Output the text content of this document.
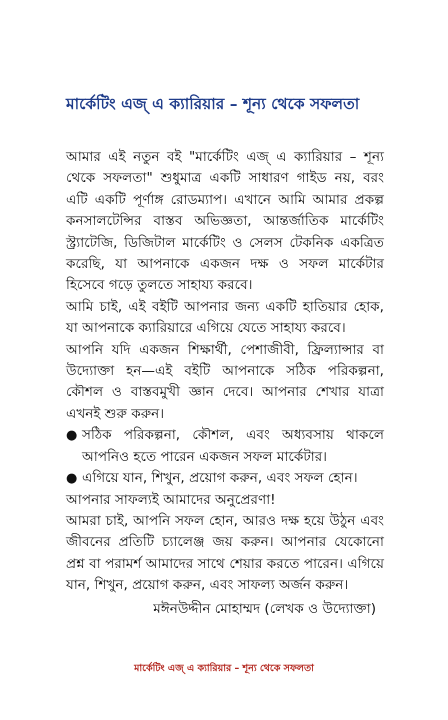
মার্কেটিং এজ্‌ এ ক্যারিয়ার – শূন্য থেকে সফলতা

আমার এই নতুন বই "মার্কেটিং এজ্‌ এ ক্যারিয়ার – শূন্য থেকে সফলতা" শুধুমাত্র একটি সাধারণ গাইড নয়, বরং এটি একটি পূর্ণাঙ্গ রোডম্যাপ। এখানে আমি আমার প্রকল্প কনসালটেন্সির বাস্তব অভিজ্ঞতা, আন্তর্জাতিক মার্কেটিং স্ট্র্যাটেজি, ডিজিটাল মার্কেটিং ও সেলস টেকনিক একত্রিত করেছি, যা আপনাকে একজন দক্ষ ও সফল মার্কেটার হিসেবে গড়ে তুলতে সাহায্য করবে।

আমি চাই, এই বইটি আপনার জন্য একটি হাতিয়ার হোক, যা আপনাকে ক্যারিয়ারে এগিয়ে যেতে সাহায্য করবে।

আপনি যদি একজন শিক্ষার্থী, পেশাজীবী, ফ্রিল্যান্সার বা উদ্যোক্তা হন—এই বইটি আপনাকে সঠিক পরিকল্পনা, কৌশল ও বাস্তবমুখী জ্ঞান দেবে। আপনার শেখার যাত্রা এখনই শুরু করুন।

● সঠিক পরিকল্পনা, কৌশল, এবং অধ্যবসায় থাকলে আপনিও হতে পারেন একজন সফল মার্কেটার।
● এগিয়ে যান, শিখুন, প্রয়োগ করুন, এবং সফল হোন।

আপনার সাফল্যই আমাদের অনুপ্রেরণা!

আমরা চাই, আপনি সফল হোন, আরও দক্ষ হয়ে উঠুন এবং জীবনের প্রতিটি চ্যালেঞ্জ জয় করুন। আপনার যেকোনো প্রশ্ন বা পরামর্শ আমাদের সাথে শেয়ার করতে পারেন। এগিয়ে যান, শিখুন, প্রয়োগ করুন, এবং সাফল্য অর্জন করুন।

মঈনউদ্দীন মোহাম্মদ (লেখক ও উদ্যোক্তা)

মার্কেটিং এজ্‌ এ ক্যারিয়ার – শূন্য থেকে সফলতা
